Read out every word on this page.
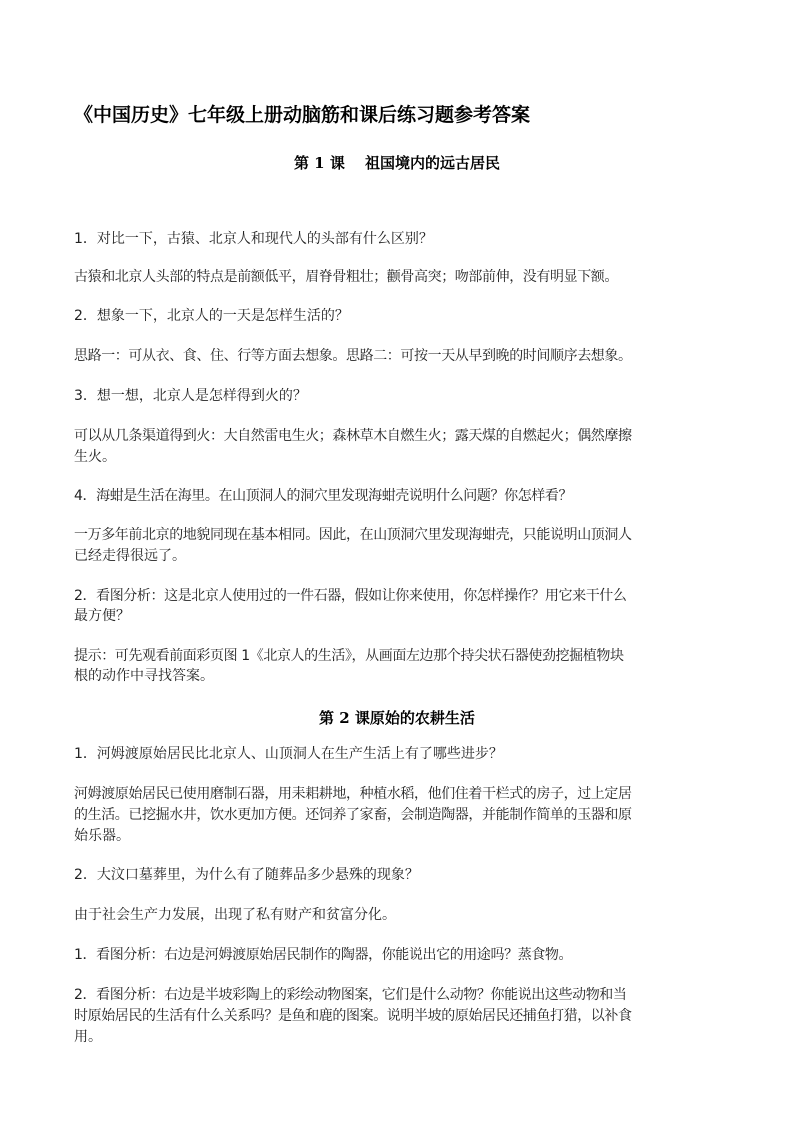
《中国历史》七年级上册动脑筋和课后练习题参考答案
第 1 课　 祖国境内的远古居民

1．对比一下，古猿、北京人和现代人的头部有什么区别？

古猿和北京人头部的特点是前额低平，眉脊骨粗壮；颧骨高突；吻部前伸，没有明显下额。

2．想象一下，北京人的一天是怎样生活的？

思路一：可从衣、食、住、行等方面去想象。思路二：可按一天从早到晚的时间顺序去想象。

3．想一想，北京人是怎样得到火的？

可以从几条渠道得到火：大自然雷电生火；森林草木自燃生火；露天煤的自燃起火；偶然摩擦

生火。

4．海蚶是生活在海里。在山顶洞人的洞穴里发现海蚶壳说明什么问题？你怎样看？

一万多年前北京的地貌同现在基本相同。因此，在山顶洞穴里发现海蚶壳，只能说明山顶洞人

已经走得很远了。

2．看图分析：这是北京人使用过的一件石器，假如让你来使用，你怎样操作？用它来干什么

最方便？

提示：可先观看前面彩页图 1《北京人的生活》，从画面左边那个持尖状石器使劲挖掘植物块

根的动作中寻找答案。

第 2 课原始的农耕生活

1．河姆渡原始居民比北京人、山顶洞人在生产生活上有了哪些进步？

河姆渡原始居民已使用磨制石器，用耒耜耕地，种植水稻，他们住着干栏式的房子，过上定居

的生活。已挖掘水井，饮水更加方便。还饲养了家畜，会制造陶器，并能制作简单的玉器和原

始乐器。

2．大汶口墓葬里，为什么有了随葬品多少悬殊的现象？

由于社会生产力发展，出现了私有财产和贫富分化。

1．看图分析：右边是河姆渡原始居民制作的陶器，你能说出它的用途吗？蒸食物。

2．看图分析：右边是半坡彩陶上的彩绘动物图案，它们是什么动物？你能说出这些动物和当

时原始居民的生活有什么关系吗？是鱼和鹿的图案。说明半坡的原始居民还捕鱼打猎，以补食

用。
